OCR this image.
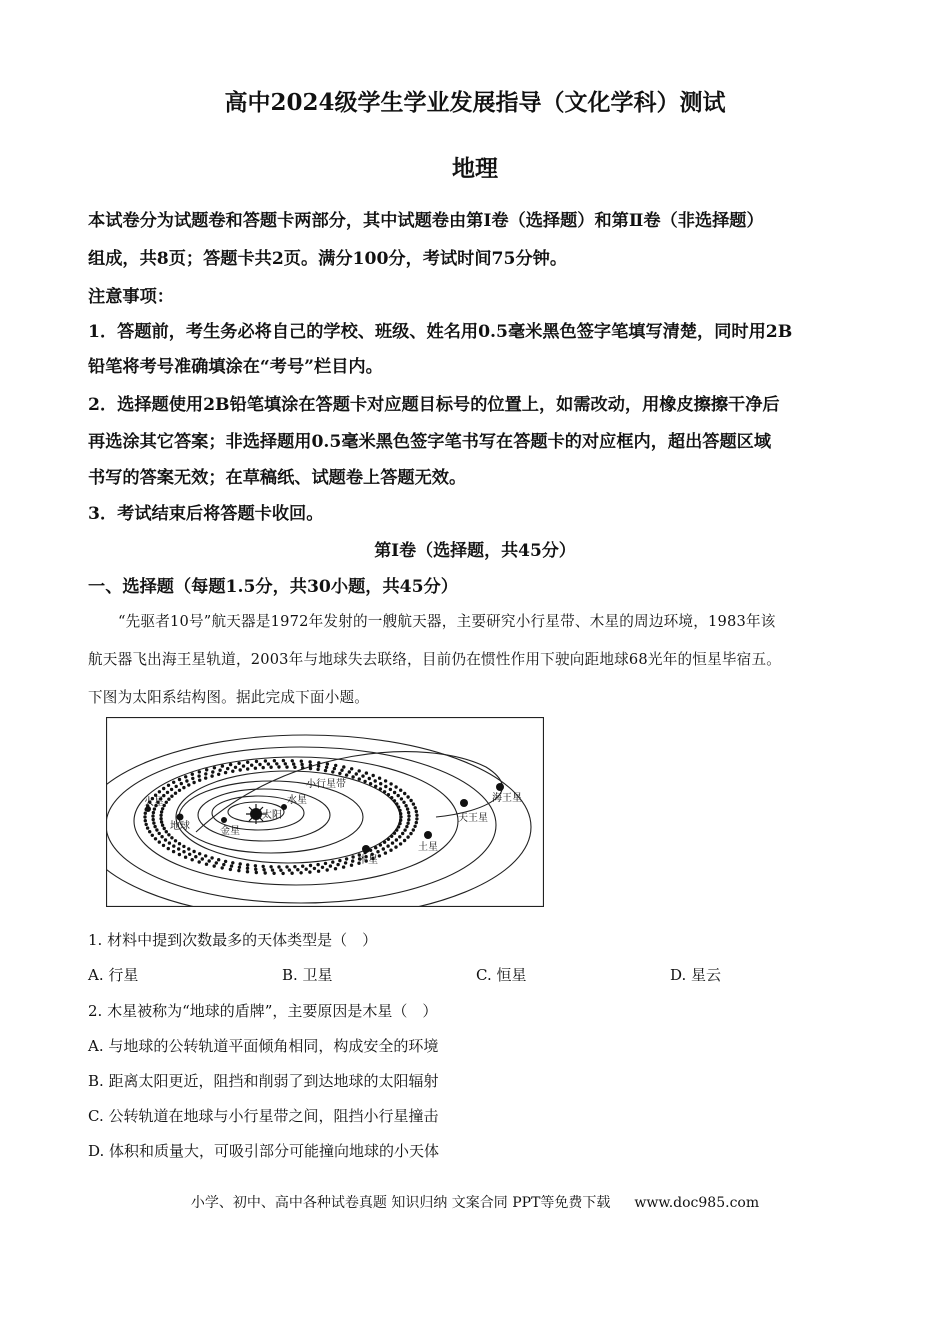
高中2024级学生学业发展指导（文化学科）测试
地理
本试卷分为试题卷和答题卡两部分，其中试题卷由第Ⅰ卷（选择题）和第Ⅱ卷（非选择题）
组成，共8页；答题卡共2页。满分100分，考试时间75分钟。
注意事项：
1．答题前，考生务必将自己的学校、班级、姓名用0.5毫米黑色签字笔填写清楚，同时用2B
铅笔将考号准确填涂在“考号”栏目内。
2．选择题使用2B铅笔填涂在答题卡对应题目标号的位置上，如需改动，用橡皮擦擦干净后
再选涂其它答案；非选择题用0.5毫米黑色签字笔书写在答题卡的对应框内，超出答题区域
书写的答案无效；在草稿纸、试题卷上答题无效。
3．考试结束后将答题卡收回。
第Ⅰ卷（选择题，共45分）
一、选择题（每题1.5分，共30小题，共45分）
“先驱者10号”航天器是1972年发射的一艘航天器，主要研究小行星带、木星的周边环境，1983年该
航天器飞出海王星轨道，2003年与地球失去联络，目前仍在惯性作用下驶向距地球68光年的恒星毕宿五。
下图为太阳系结构图。据此完成下面小题。
太阳
水星
金星
地球
火星
木星
土星
天王星
海王星
小行星带
1. 材料中提到次数最多的天体类型是（　）
A. 行星	B. 卫星	C. 恒星	D. 星云
2. 木星被称为“地球的盾牌”，主要原因是木星（　）
A. 与地球的公转轨道平面倾角相同，构成安全的环境
B. 距离太阳更近，阻挡和削弱了到达地球的太阳辐射
C. 公转轨道在地球与小行星带之间，阻挡小行星撞击
D. 体积和质量大，可吸引部分可能撞向地球的小天体
小学、初中、高中各种试卷真题 知识归纳 文案合同 PPT等免费下载 www.doc985.com
